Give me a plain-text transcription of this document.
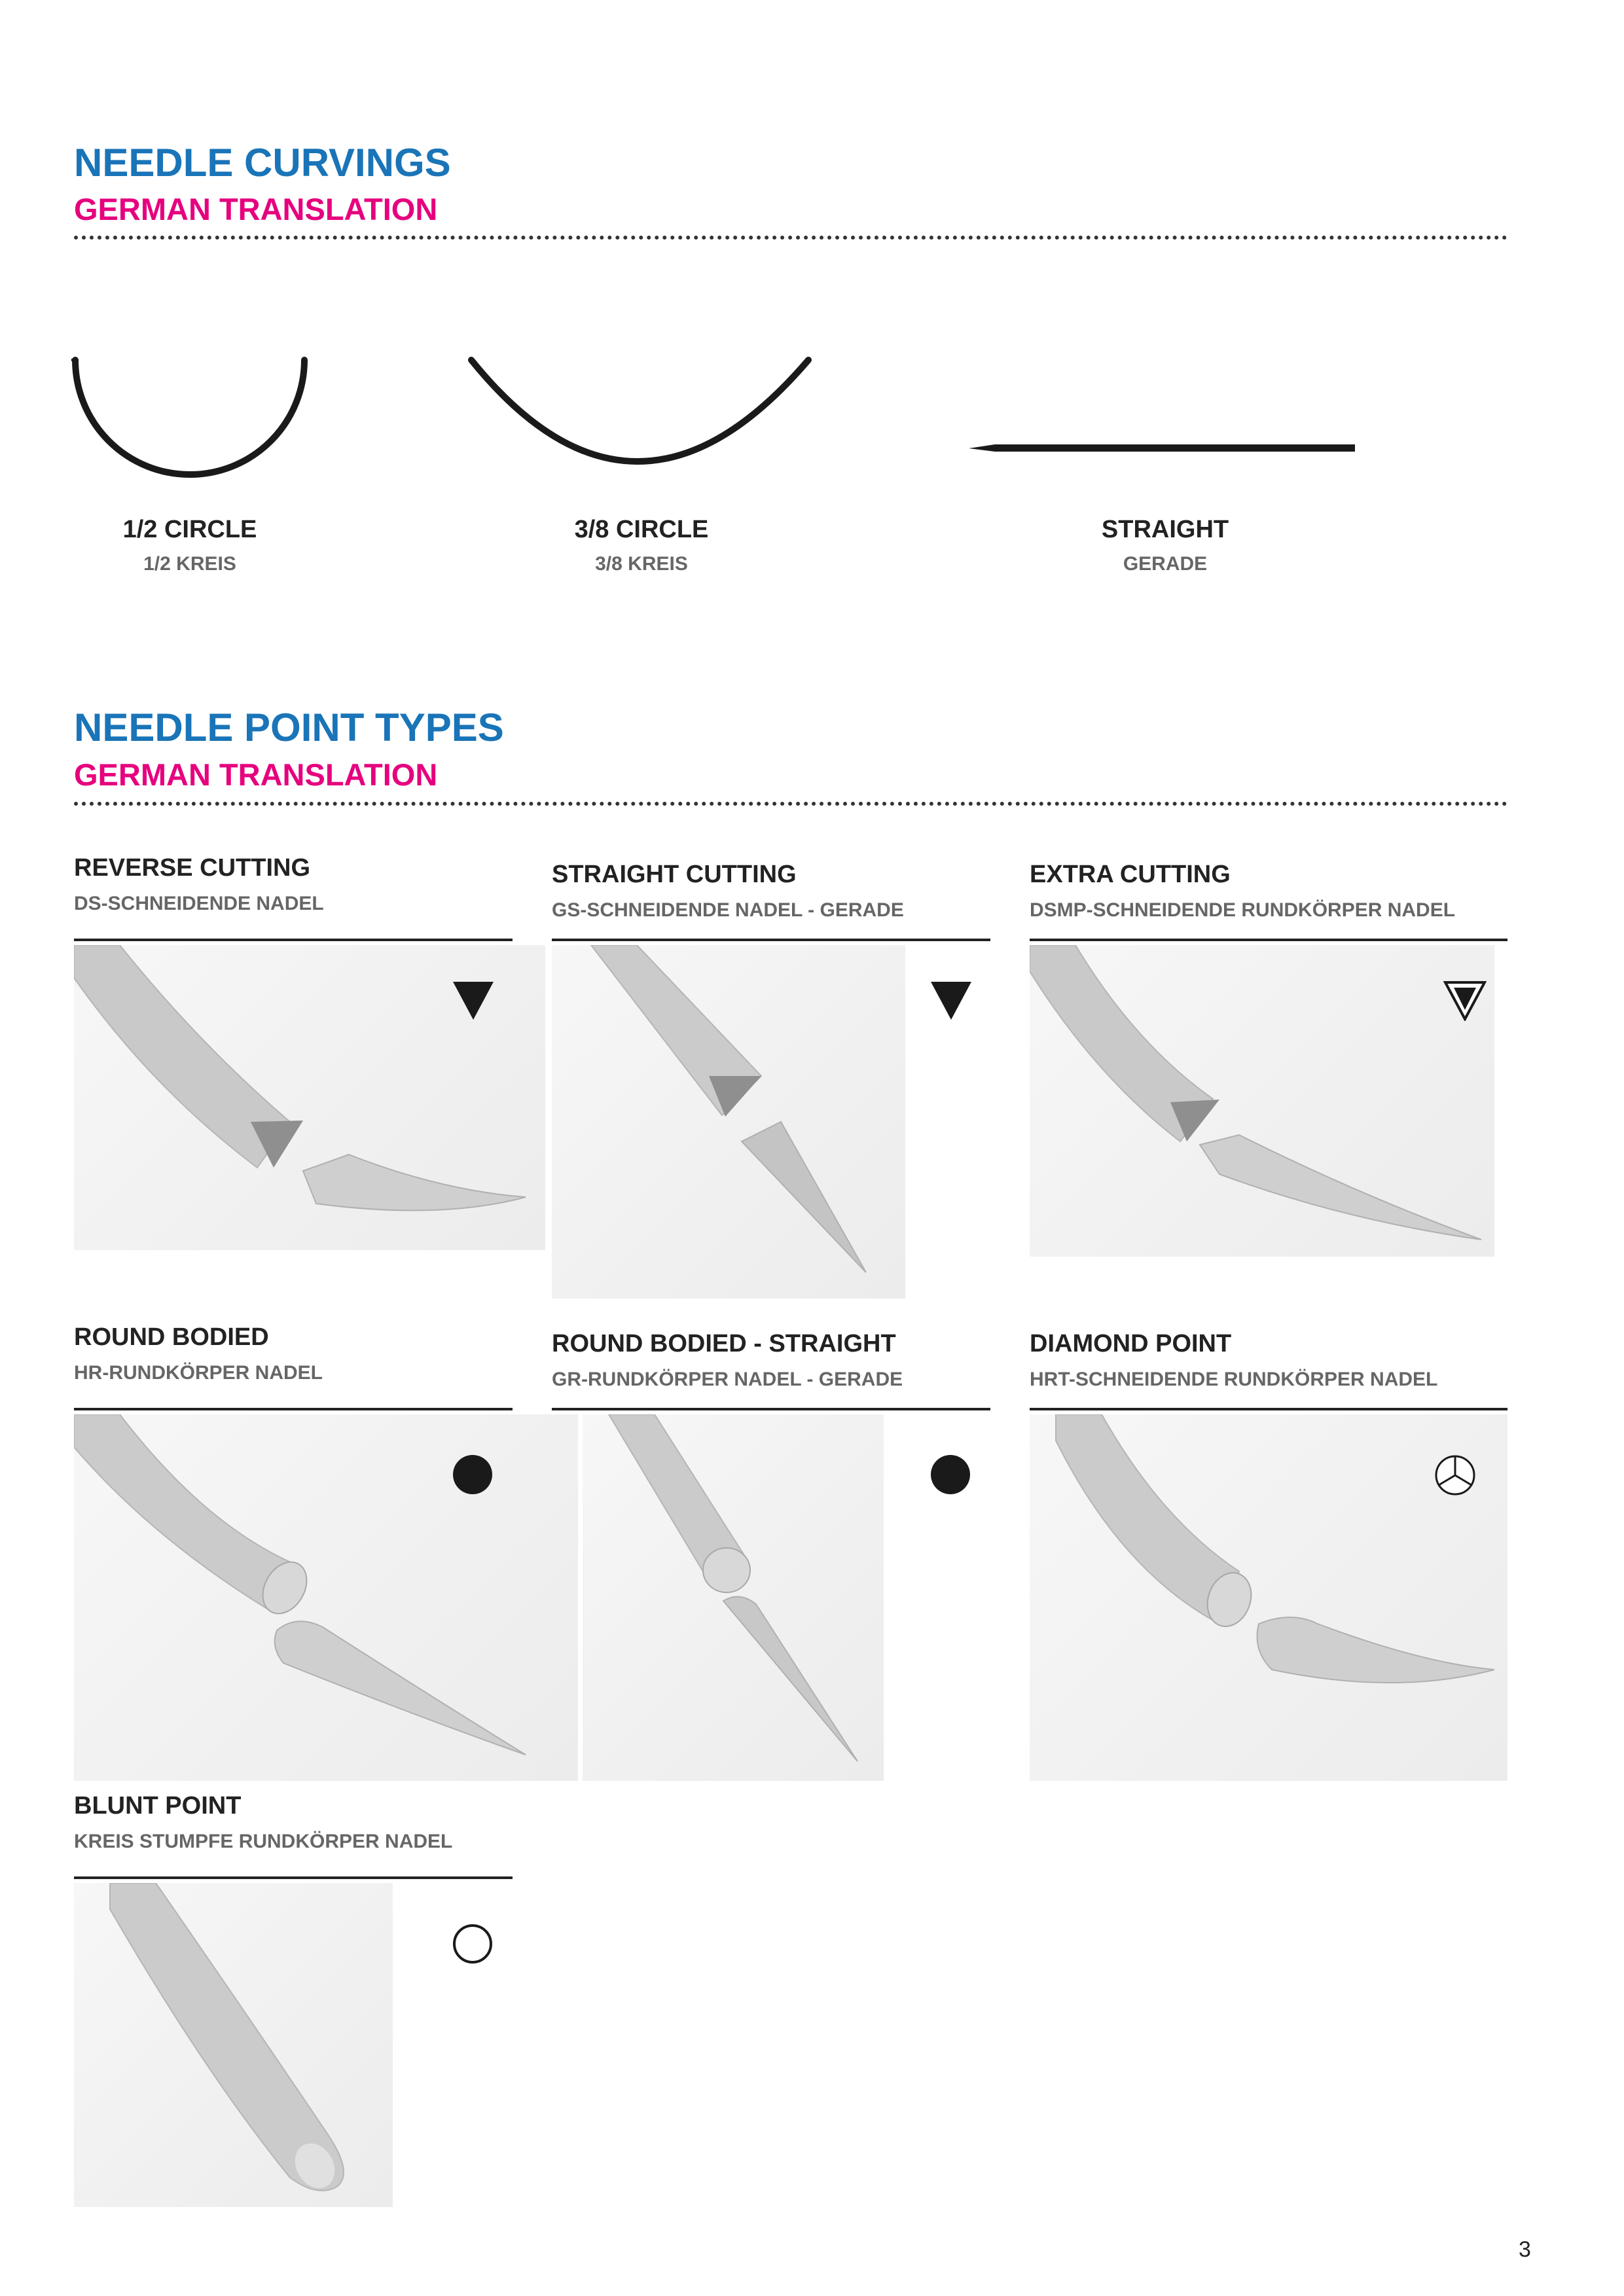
NEEDLE CURVINGS
GERMAN TRANSLATION
1/2 CIRCLE
1/2 KREIS
3/8 CIRCLE
3/8 KREIS
STRAIGHT
GERADE
NEEDLE POINT TYPES
GERMAN TRANSLATION
REVERSE CUTTING
DS-SCHNEIDENDE NADEL
STRAIGHT CUTTING
GS-SCHNEIDENDE NADEL - GERADE
EXTRA CUTTING
DSMP-SCHNEIDENDE RUNDKÖRPER NADEL
ROUND BODIED
HR-RUNDKÖRPER NADEL
ROUND BODIED - STRAIGHT
GR-RUNDKÖRPER NADEL - GERADE
DIAMOND POINT
HRT-SCHNEIDENDE RUNDKÖRPER NADEL
BLUNT POINT
KREIS STUMPFE RUNDKÖRPER NADEL
3
